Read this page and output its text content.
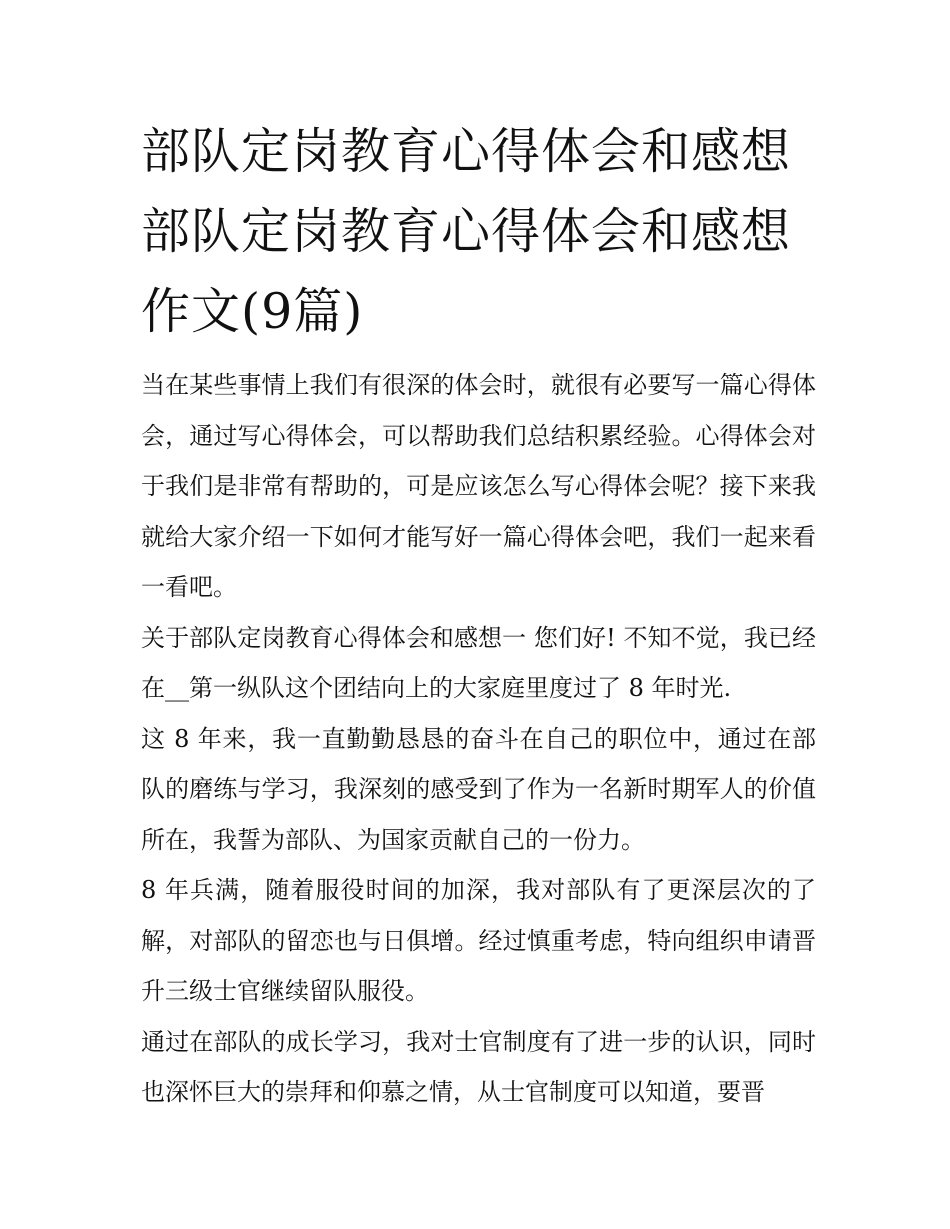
部队定岗教育心得体会和感想部队定岗教育心得体会和感想作文(9篇)

当在某些事情上我们有很深的体会时，就很有必要写一篇心得体会，通过写心得体会，可以帮助我们总结积累经验。心得体会对于我们是非常有帮助的，可是应该怎么写心得体会呢？接下来我就给大家介绍一下如何才能写好一篇心得体会吧，我们一起来看一看吧。

关于部队定岗教育心得体会和感想一 您们好! 不知不觉，我已经在__第一纵队这个团结向上的大家庭里度过了 8 年时光.

这 8 年来，我一直勤勤恳恳的奋斗在自己的职位中，通过在部队的磨练与学习，我深刻的感受到了作为一名新时期军人的价值所在，我誓为部队、为国家贡献自己的一份力。

8 年兵满，随着服役时间的加深，我对部队有了更深层次的了解，对部队的留恋也与日俱增。经过慎重考虑，特向组织申请晋升三级士官继续留队服役。

通过在部队的成长学习，我对士官制度有了进一步的认识，同时也深怀巨大的崇拜和仰慕之情，从士官制度可以知道，要晋
